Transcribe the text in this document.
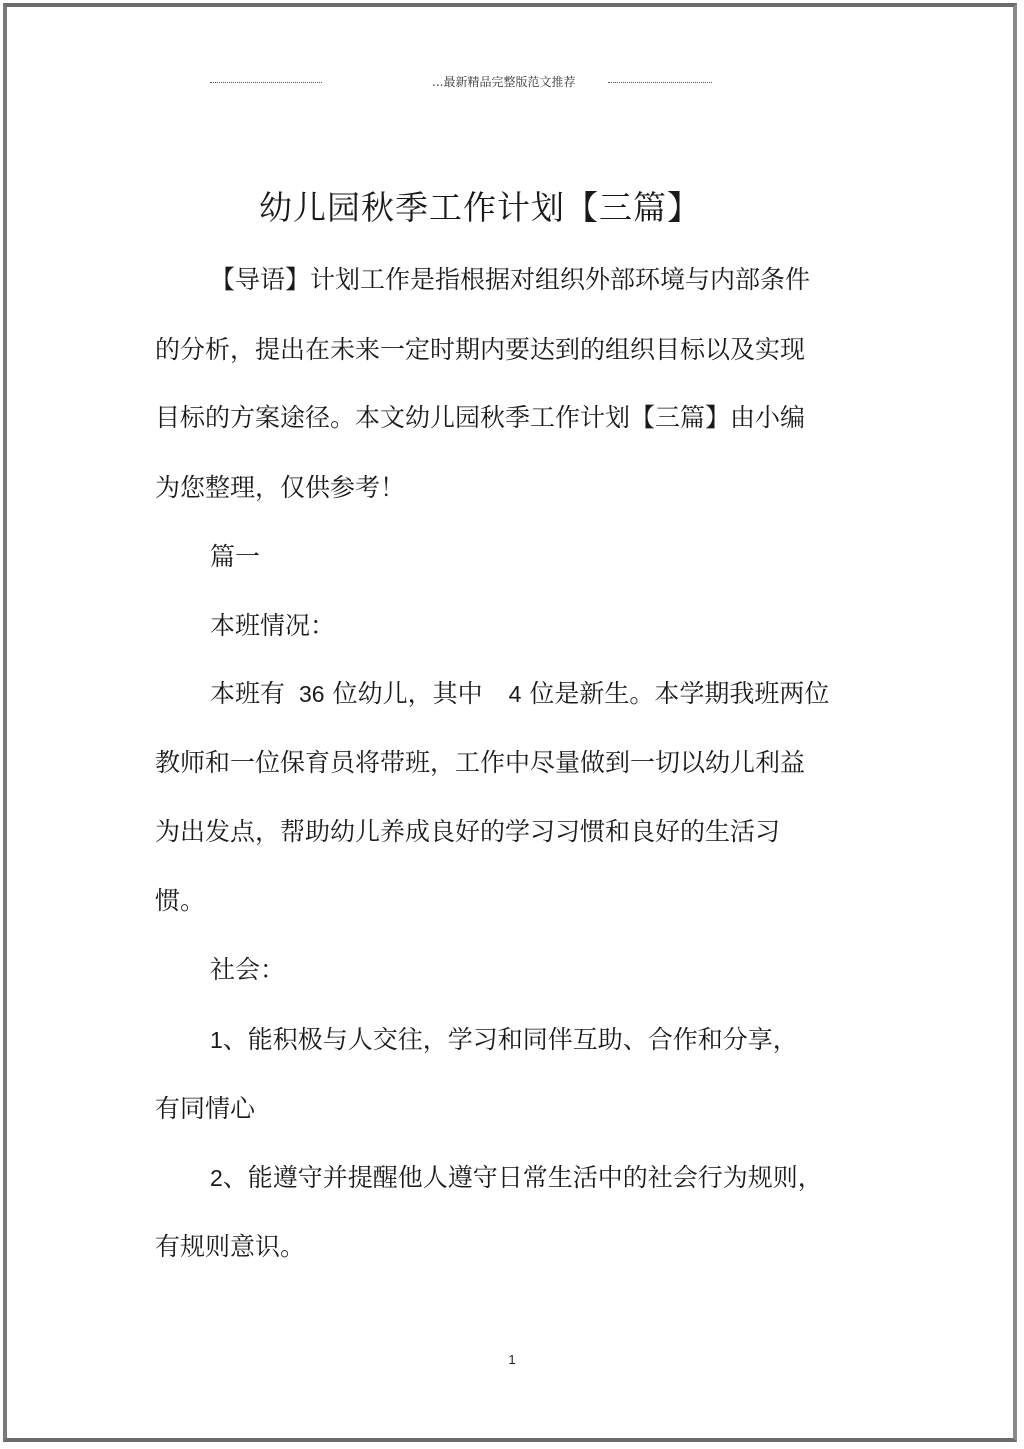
...最新精品完整版范文推荐
幼儿园秋季工作计划【三篇】
【导语】计划工作是指根据对组织外部环境与内部条件
的分析，提出在未来一定时期内要达到的组织目标以及实现
目标的方案途径。本文幼儿园秋季工作计划【三篇】由小编
为您整理，仅供参考！
篇一
本班情况：
本班有 36 位幼儿，其中 4 位是新生。本学期我班两位
教师和一位保育员将带班，工作中尽量做到一切以幼儿利益
为出发点，帮助幼儿养成良好的学习习惯和良好的生活习
惯。
社会：
1、能积极与人交往，学习和同伴互助、合作和分享，
有同情心
2、能遵守并提醒他人遵守日常生活中的社会行为规则，
有规则意识。
1
